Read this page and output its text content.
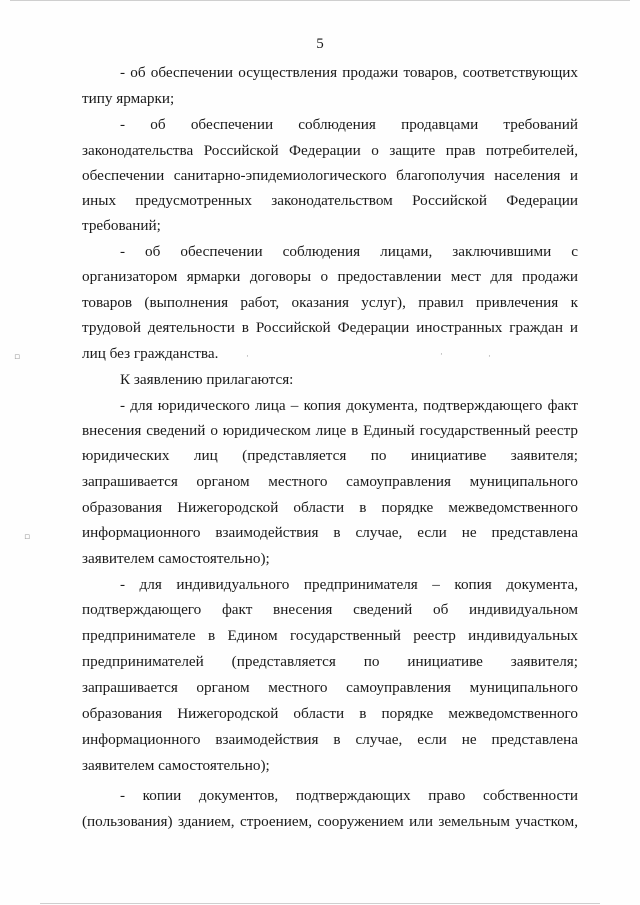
5
- об обеспечении осуществления продажи товаров, соответствующих
типу ярмарки;
- об обеспечении соблюдения продавцами требований
законодательства Российской Федерации о защите прав потребителей,
обеспечении санитарно-эпидемиологического благополучия населения и
иных предусмотренных законодательством Российской Федерации
требований;
- об обеспечении соблюдения лицами, заключившими с
организатором ярмарки договоры о предоставлении мест для продажи
товаров (выполнения работ, оказания услуг), правил привлечения к
трудовой деятельности в Российской Федерации иностранных граждан и
лиц без гражданства.
К заявлению прилагаются:
- для юридического лица – копия документа, подтверждающего факт
внесения сведений о юридическом лице в Единый государственный реестр
юридических лиц (представляется по инициативе заявителя;
запрашивается органом местного самоуправления муниципального
образования Нижегородской области в порядке межведомственного
информационного взаимодействия в случае, если не представлена
заявителем самостоятельно);
- для индивидуального предпринимателя – копия документа,
подтверждающего факт внесения сведений об индивидуальном
предпринимателе в Едином государственный реестр индивидуальных
предпринимателей (представляется по инициативе заявителя;
запрашивается органом местного самоуправления муниципального
образования Нижегородской области в порядке межведомственного
информационного взаимодействия в случае, если не представлена
заявителем самостоятельно);
- копии документов, подтверждающих право собственности
(пользования) зданием, строением, сооружением или земельным участком,
▫
▫
·	·	·
